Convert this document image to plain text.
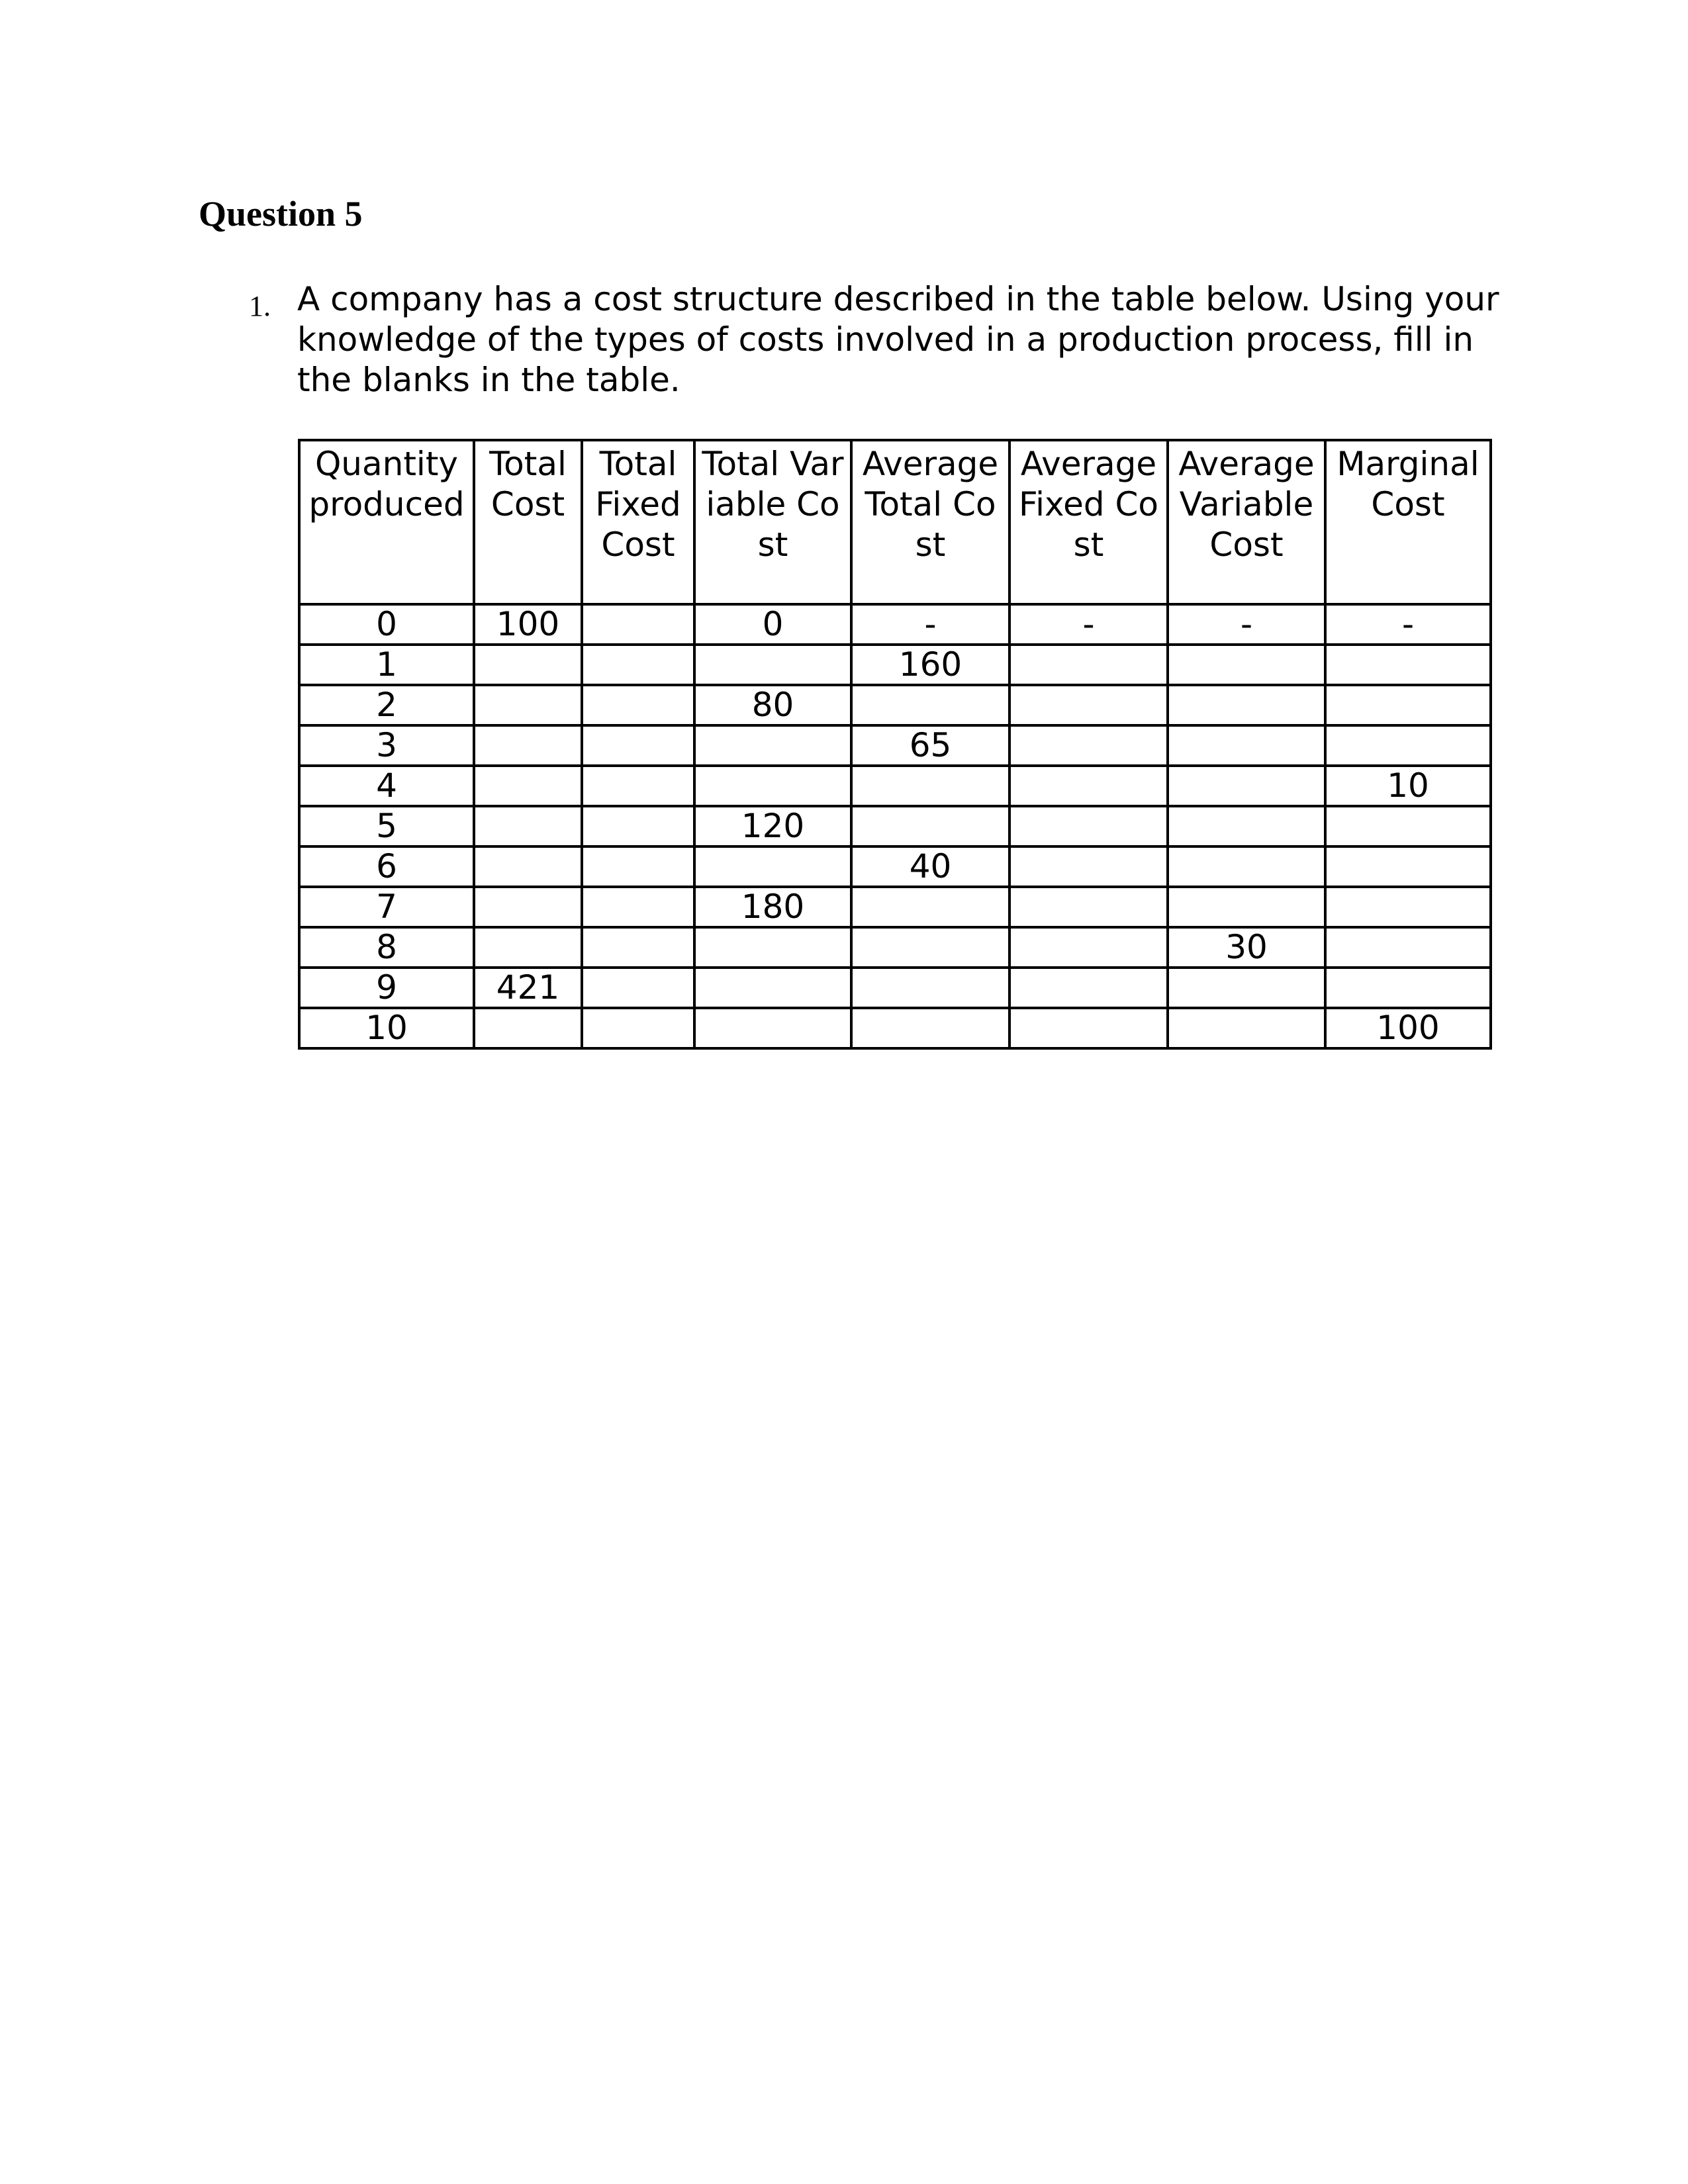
Question 5
1. A company has a cost structure described in the table below. Using your knowledge of the types of costs involved in a production process, fill in the blanks in the table.

Quantity produced	Total Cost	Total Fixed Cost	Total Variable Cost	Average Total Cost	Average Fixed Cost	Average Variable Cost	Marginal Cost
0	100		0	-	-	-	-
1				160			
2			80				
3				65			
4							10
5			120				
6				40			
7			180				
8						30	
9	421						
10							100
